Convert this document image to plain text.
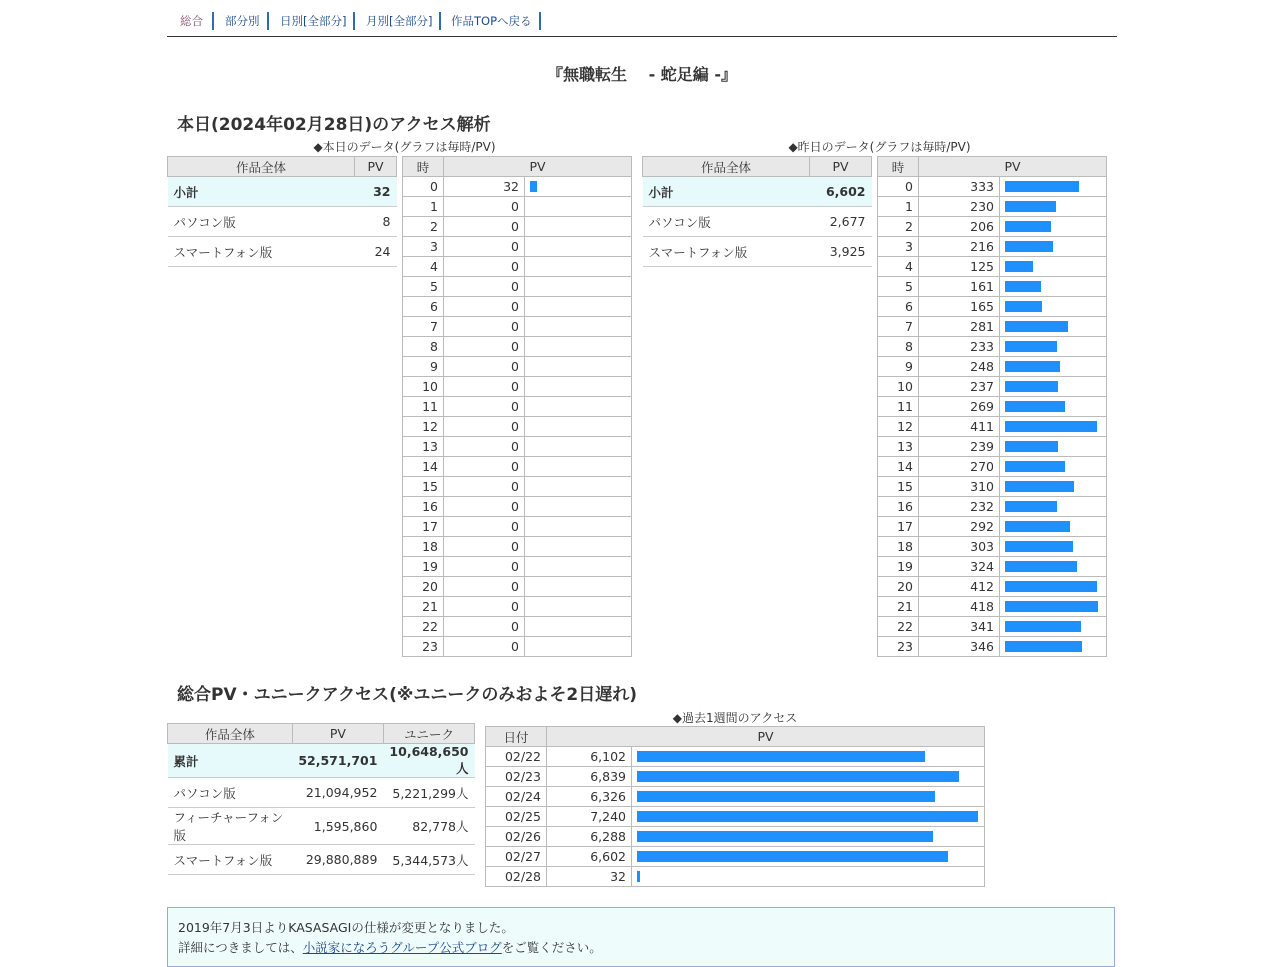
総合 部分別 日別[全部分] 月別[全部分] 作品TOPへ戻る
『無職転生　 - 蛇足編 -』
本日(2024年02月28日)のアクセス解析
◆本日のデータ(グラフは毎時/PV)
作品全体	PV
小計	32
パソコン版	8
スマートフォン版	24
時	PV	
0	32	

1	0	

2	0	

3	0	

4	0	

5	0	

6	0	

7	0	

8	0	

9	0	

10	0	

11	0	

12	0	

13	0	

14	0	

15	0	

16	0	

17	0	

18	0	

19	0	

20	0	

21	0	

22	0	

23	0	
◆昨日のデータ(グラフは毎時/PV)
作品全体	PV
小計	6,602
パソコン版	2,677
スマートフォン版	3,925
時	PV	
0	333	

1	230	

2	206	

3	216	

4	125	

5	161	

6	165	

7	281	

8	233	

9	248	

10	237	

11	269	

12	411	

13	239	

14	270	

15	310	

16	232	

17	292	

18	303	

19	324	

20	412	

21	418	

22	341	

23	346	
総合PV・ユニークアクセス(※ユニークのみおよそ2日遅れ)
作品全体	PV	ユニーク
累計	52,571,701	10,648,650人
パソコン版	21,094,952	5,221,299人
フィーチャーフォン版	1,595,860	82,778人
スマートフォン版	29,880,889	5,344,573人
◆過去1週間のアクセス
日付	PV	
02/22	6,102	

02/23	6,839	

02/24	6,326	

02/25	7,240	

02/26	6,288	

02/27	6,602	

02/28	32	
2019年7月3日よりKASASAGIの仕様が変更となりました。
詳細につきましては、小説家になろうグループ公式ブログをご覧ください。
